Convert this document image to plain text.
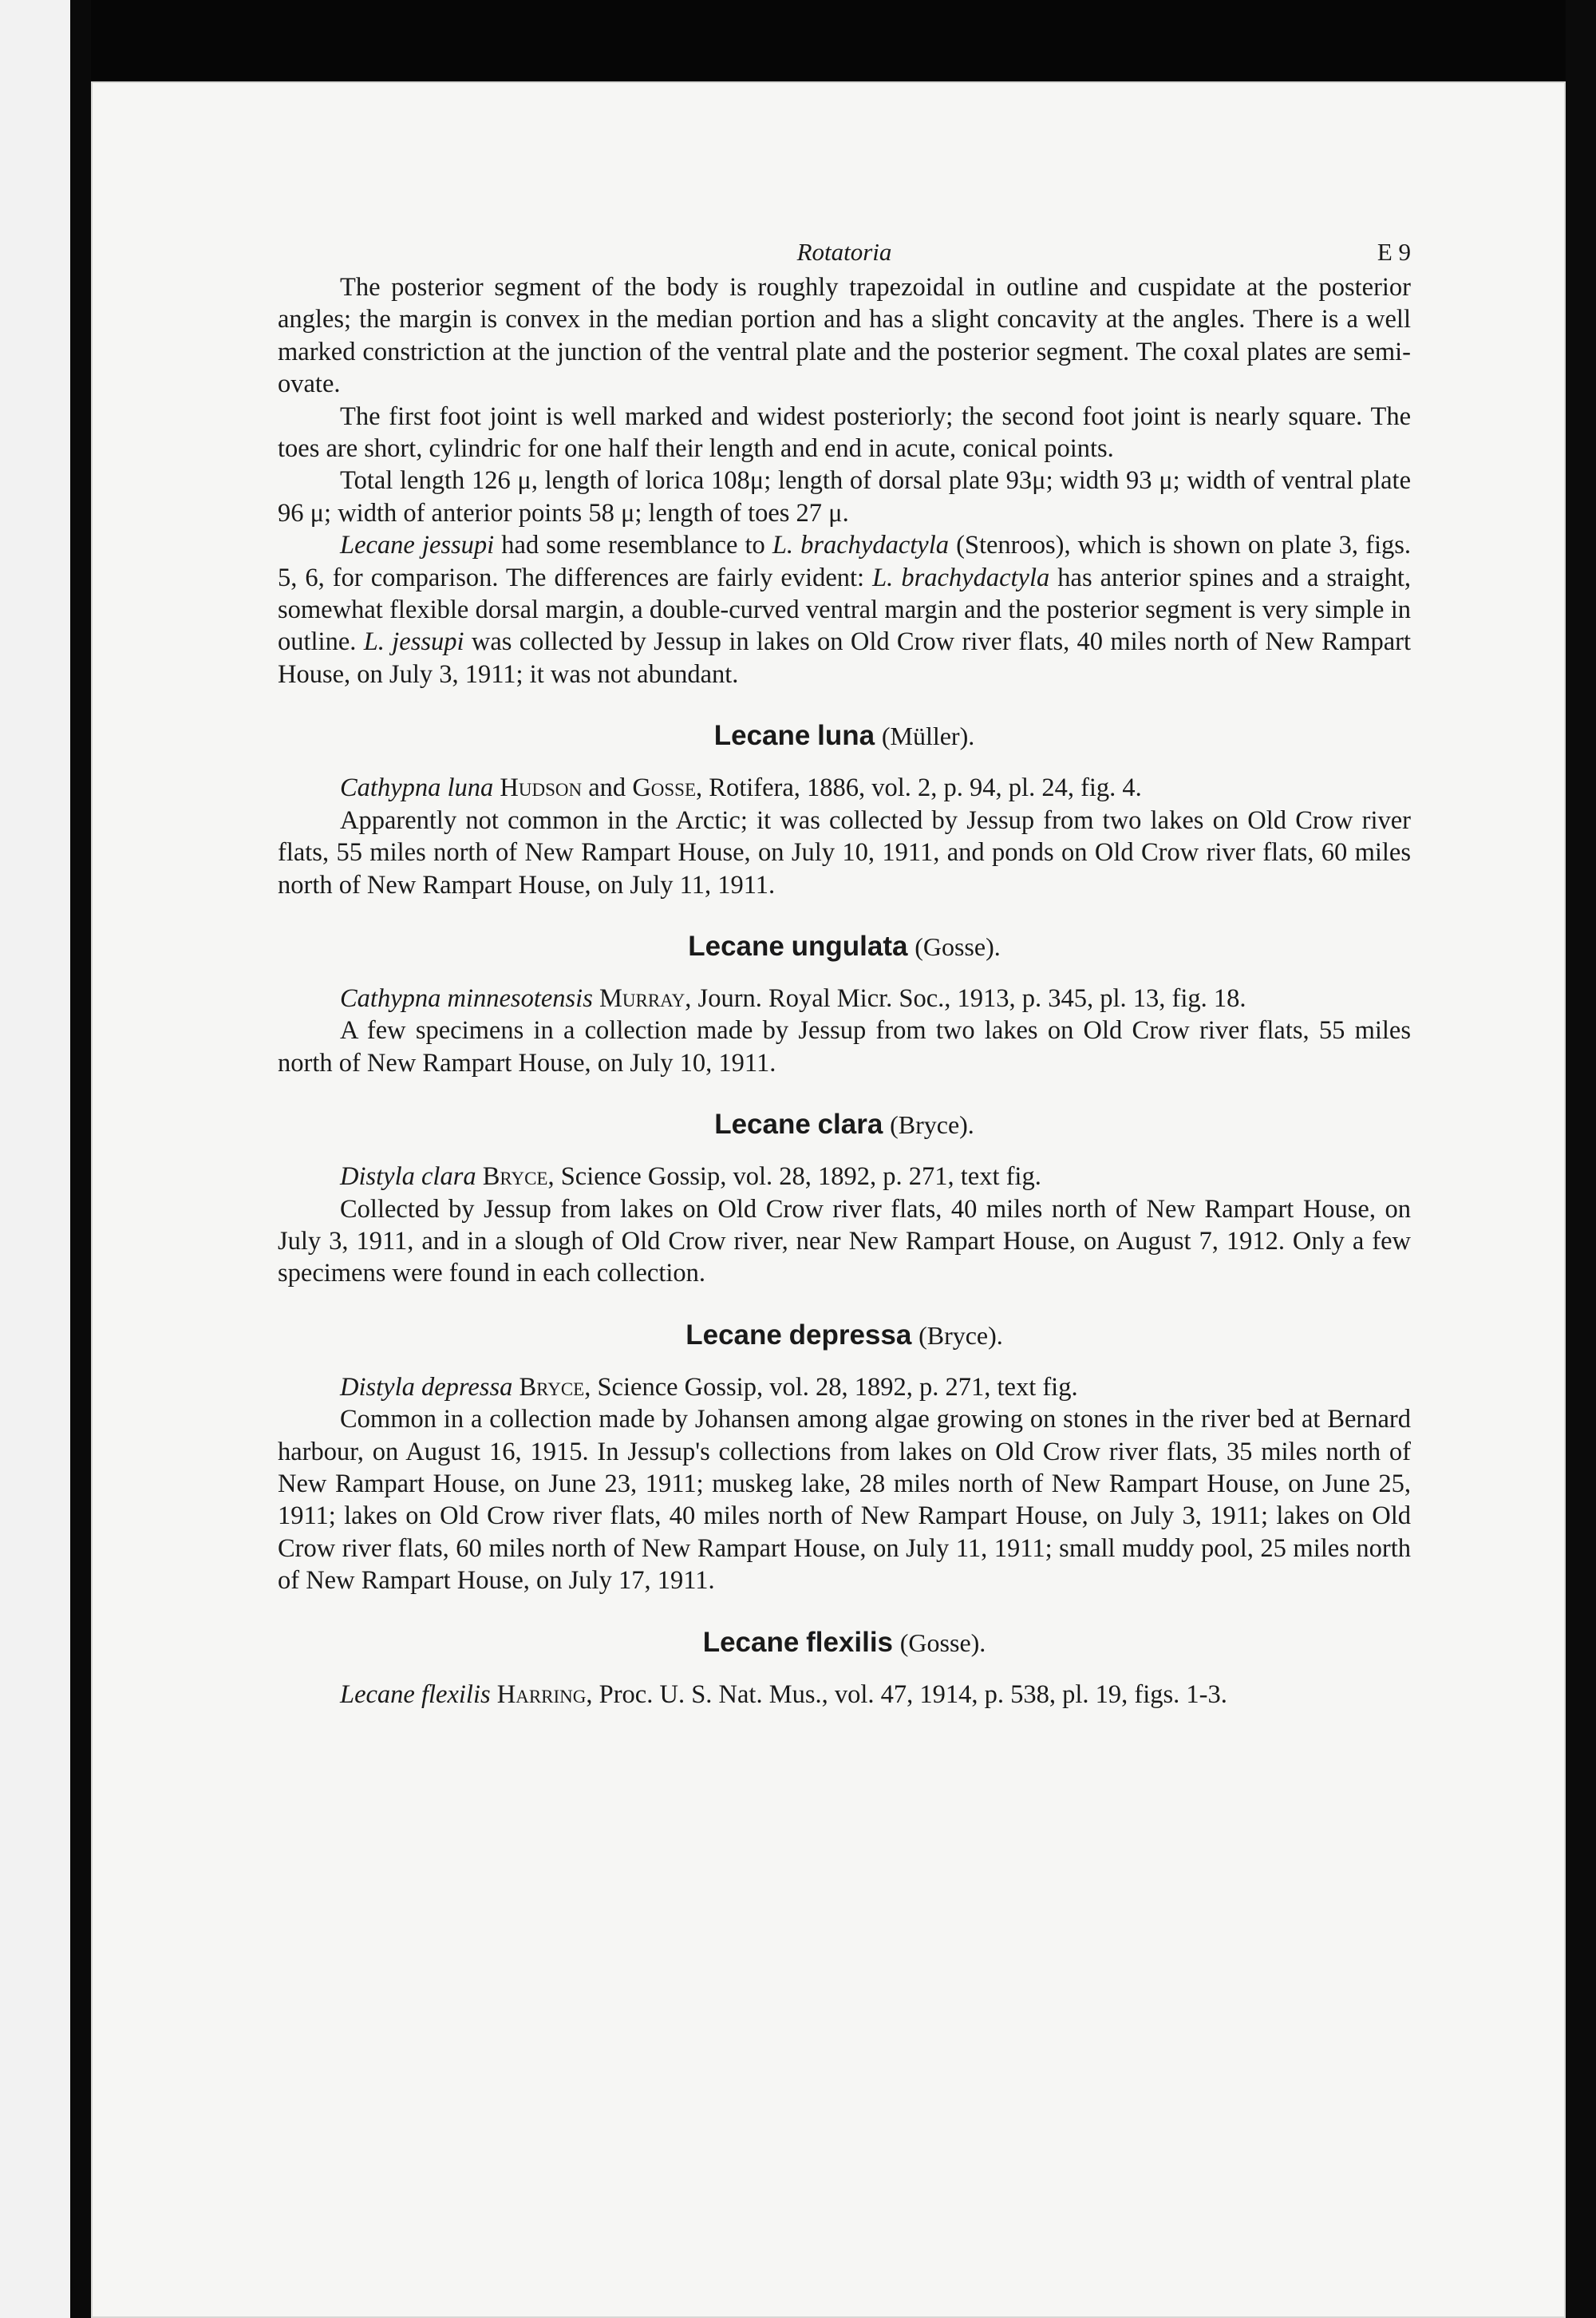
Rotatoria	E 9

The posterior segment of the body is roughly trapezoidal in outline and cuspidate at the posterior angles; the margin is convex in the median portion and has a slight concavity at the angles. There is a well marked constriction at the junction of the ventral plate and the posterior segment. The coxal plates are semi-ovate.

The first foot joint is well marked and widest posteriorly; the second foot joint is nearly square. The toes are short, cylindric for one half their length and end in acute, conical points.

Total length 126 μ, length of lorica 108μ; length of dorsal plate 93μ; width 93 μ; width of ventral plate 96 μ; width of anterior points 58 μ; length of toes 27 μ.

Lecane jessupi had some resemblance to L. brachydactyla (Stenroos), which is shown on plate 3, figs. 5, 6, for comparison. The differences are fairly evident: L. brachydactyla has anterior spines and a straight, somewhat flexible dorsal margin, a double-curved ventral margin and the posterior segment is very simple in outline. L. jessupi was collected by Jessup in lakes on Old Crow river flats, 40 miles north of New Rampart House, on July 3, 1911; it was not abundant.

Lecane luna (Müller).

Cathypna luna Hudson and Gosse, Rotifera, 1886, vol. 2, p. 94, pl. 24, fig. 4.

Apparently not common in the Arctic; it was collected by Jessup from two lakes on Old Crow river flats, 55 miles north of New Rampart House, on July 10, 1911, and ponds on Old Crow river flats, 60 miles north of New Rampart House, on July 11, 1911.

Lecane ungulata (Gosse).

Cathypna minnesotensis Murray, Journ. Royal Micr. Soc., 1913, p. 345, pl. 13, fig. 18.

A few specimens in a collection made by Jessup from two lakes on Old Crow river flats, 55 miles north of New Rampart House, on July 10, 1911.

Lecane clara (Bryce).

Distyla clara Bryce, Science Gossip, vol. 28, 1892, p. 271, text fig.

Collected by Jessup from lakes on Old Crow river flats, 40 miles north of New Rampart House, on July 3, 1911, and in a slough of Old Crow river, near New Rampart House, on August 7, 1912. Only a few specimens were found in each collection.

Lecane depressa (Bryce).

Distyla depressa Bryce, Science Gossip, vol. 28, 1892, p. 271, text fig.

Common in a collection made by Johansen among algae growing on stones in the river bed at Bernard harbour, on August 16, 1915. In Jessup's collections from lakes on Old Crow river flats, 35 miles north of New Rampart House, on June 23, 1911; muskeg lake, 28 miles north of New Rampart House, on June 25, 1911; lakes on Old Crow river flats, 40 miles north of New Rampart House, on July 3, 1911; lakes on Old Crow river flats, 60 miles north of New Rampart House, on July 11, 1911; small muddy pool, 25 miles north of New Rampart House, on July 17, 1911.

Lecane flexilis (Gosse).

Lecane flexilis Harring, Proc. U. S. Nat. Mus., vol. 47, 1914, p. 538, pl. 19, figs. 1-3.
